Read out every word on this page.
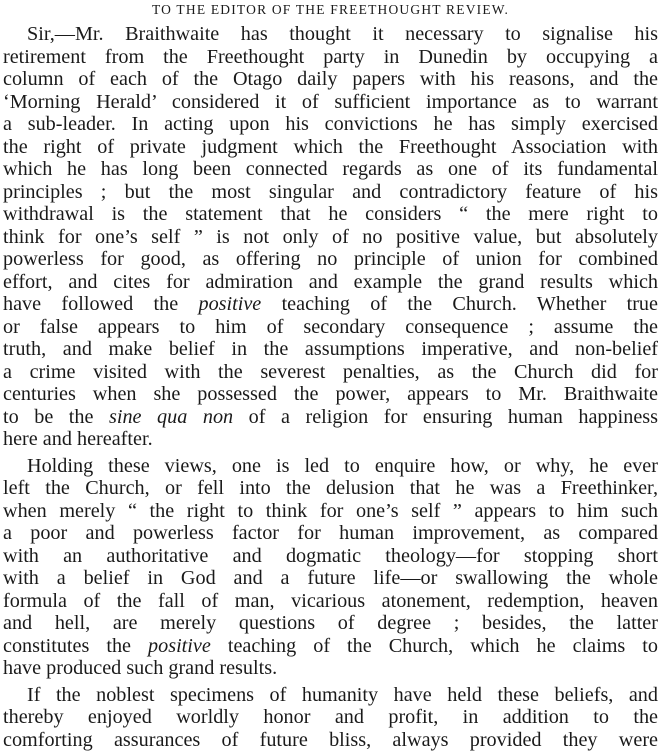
TO THE EDITOR OF THE FREETHOUGHT REVIEW.
Sir,—Mr. Braithwaite has thought it necessary to signalise his
retirement from the Freethought party in Dunedin by occupying a
column of each of the Otago daily papers with his reasons, and the
‘Morning Herald’ considered it of sufficient importance as to warrant
a sub-leader. In acting upon his convictions he has simply exercised
the right of private judgment which the Freethought Association with
which he has long been connected regards as one of its fundamental
principles ; but the most singular and contradictory feature of his
withdrawal is the statement that he considers “ the mere right to
think for one’s self ” is not only of no positive value, but absolutely
powerless for good, as offering no principle of union for combined
effort, and cites for admiration and example the grand results which
have followed the positive teaching of the Church. Whether true
or false appears to him of secondary consequence ; assume the
truth, and make belief in the assumptions imperative, and non-belief
a crime visited with the severest penalties, as the Church did for
centuries when she possessed the power, appears to Mr. Braithwaite
to be the sine qua non of a religion for ensuring human happiness
here and hereafter.
Holding these views, one is led to enquire how, or why, he ever
left the Church, or fell into the delusion that he was a Freethinker,
when merely “ the right to think for one’s self ” appears to him such
a poor and powerless factor for human improvement, as compared
with an authoritative and dogmatic theology—for stopping short
with a belief in God and a future life—or swallowing the whole
formula of the fall of man, vicarious atonement, redemption, heaven
and hell, are merely questions of degree ; besides, the latter
constitutes the positive teaching of the Church, which he claims to
have produced such grand results.
If the noblest specimens of humanity have held these beliefs, and
thereby enjoyed worldly honor and profit, in addition to the
comforting assurances of future bliss, always provided they were
